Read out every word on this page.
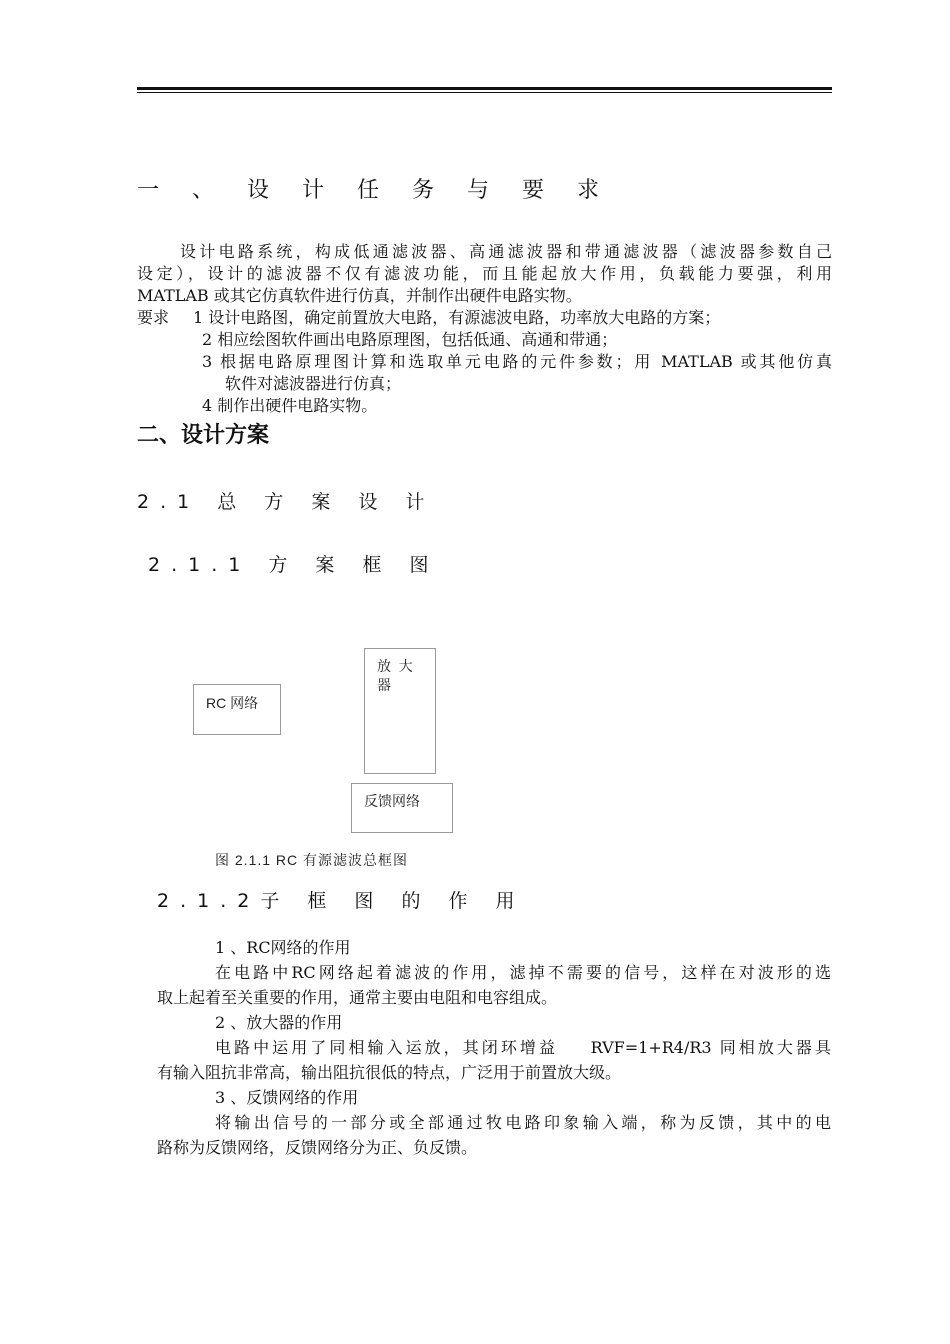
一 、 设 计 任 务 与 要 求
设计电路系统，构成低通滤波器、高通滤波器和带通滤波器（滤波器参数自己
设定），设计的滤波器不仅有滤波功能，而且能起放大作用，负载能力要强，利用
MATLAB 或其它仿真软件进行仿真，并制作出硬件电路实物。
要求 1 设计电路图，确定前置放大电路，有源滤波电路，功率放大电路的方案；
2 相应绘图软件画出电路原理图，包括低通、高通和带通；
3 根据电路原理图计算和选取单元电路的元件参数；用 MATLAB 或其他仿真
软件对滤波器进行仿真；
4 制作出硬件电路实物。
二、设计方案
2.1 总 方 案 设 计
2.1.1 方 案 框 图
RC 网络
放  大
器
反馈网络
图 2.1.1 RC 有源滤波总框图
2.1.2子 框 图 的 作 用
1 、RC网络的作用
在电路中RC网络起着滤波的作用，滤掉不需要的信号，这样在对波形的选
取上起着至关重要的作用，通常主要由电阻和电容组成。
2 、放大器的作用
电路中运用了同相输入运放，其闭环增益    RVF=1+R4/R3 同相放大器具
有输入阻抗非常高，输出阻抗很低的特点，广泛用于前置放大级。
3 、反馈网络的作用
将输出信号的一部分或全部通过牧电路印象输入端，称为反馈，其中的电
路称为反馈网络，反馈网络分为正、负反馈。
